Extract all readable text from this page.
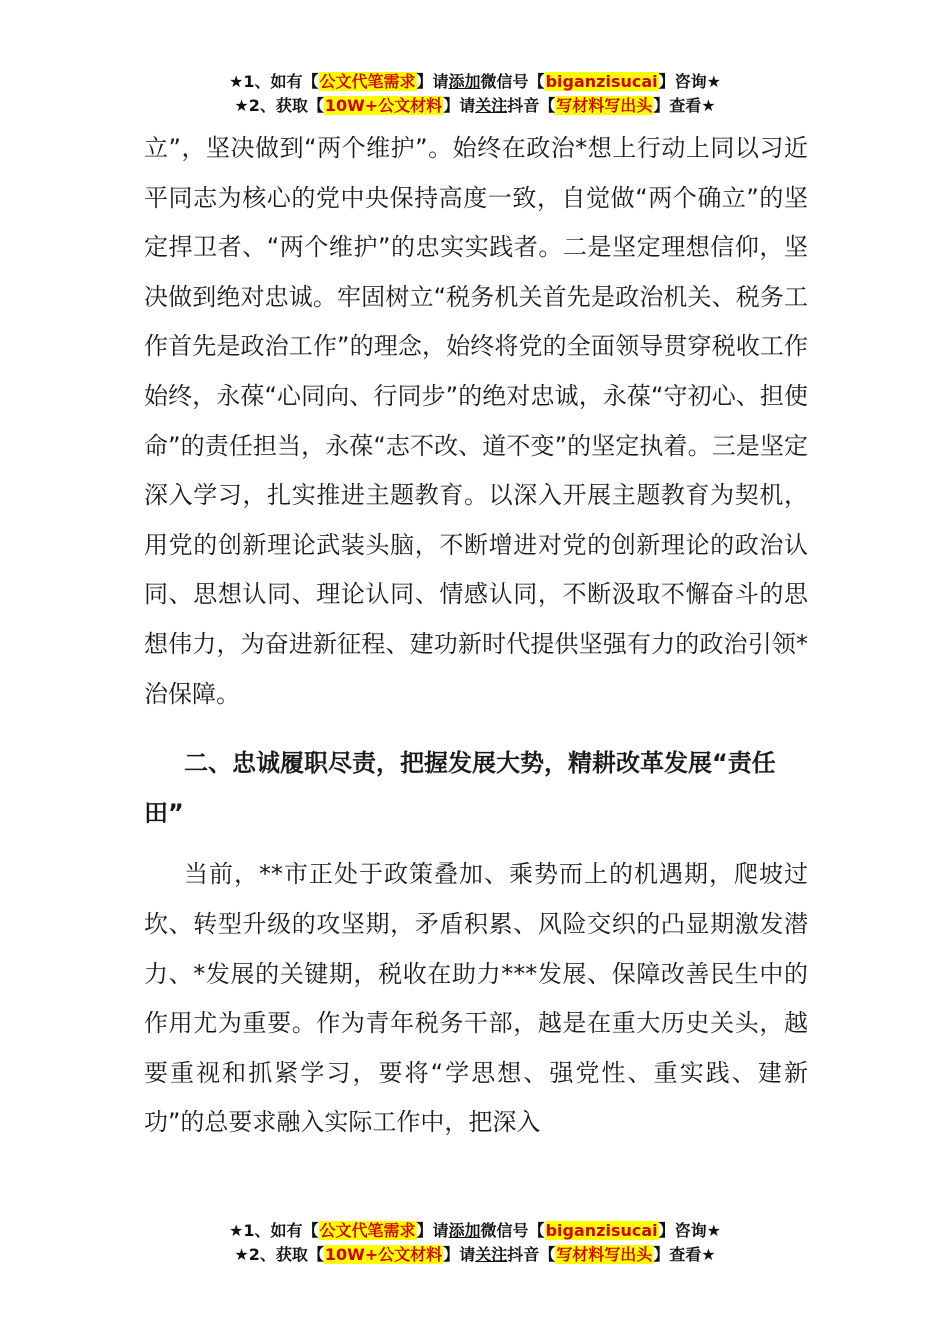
★1、如有【公文代笔需求】请添加微信号【biganzisucai】咨询★
★2、获取【10W+公文材料】请关注抖音【写材料写出头】查看★

立”，坚决做到“两个维护”。始终在政治*想上行动上同以习近平同志为核心的党中央保持高度一致，自觉做“两个确立”的坚定捍卫者、“两个维护”的忠实实践者。二是坚定理想信仰，坚决做到绝对忠诚。牢固树立“税务机关首先是政治机关、税务工作首先是政治工作”的理念，始终将党的全面领导贯穿税收工作始终，永葆“心同向、行同步”的绝对忠诚，永葆“守初心、担使命”的责任担当，永葆“志不改、道不变”的坚定执着。三是坚定深入学习，扎实推进主题教育。以深入开展主题教育为契机，用党的创新理论武装头脑，不断增进对党的创新理论的政治认同、思想认同、理论认同、情感认同，不断汲取不懈奋斗的思想伟力，为奋进新征程、建功新时代提供坚强有力的政治引领*治保障。

二、忠诚履职尽责，把握发展大势，精耕改革发展“责任田”

当前，**市正处于政策叠加、乘势而上的机遇期，爬坡过坎、转型升级的攻坚期，矛盾积累、风险交织的凸显期激发潜力、*发展的关键期，税收在助力***发展、保障改善民生中的作用尤为重要。作为青年税务干部，越是在重大历史关头，越要重视和抓紧学习，要将“学思想、强党性、重实践、建新功”的总要求融入实际工作中，把深入

★1、如有【公文代笔需求】请添加微信号【biganzisucai】咨询★
★2、获取【10W+公文材料】请关注抖音【写材料写出头】查看★
